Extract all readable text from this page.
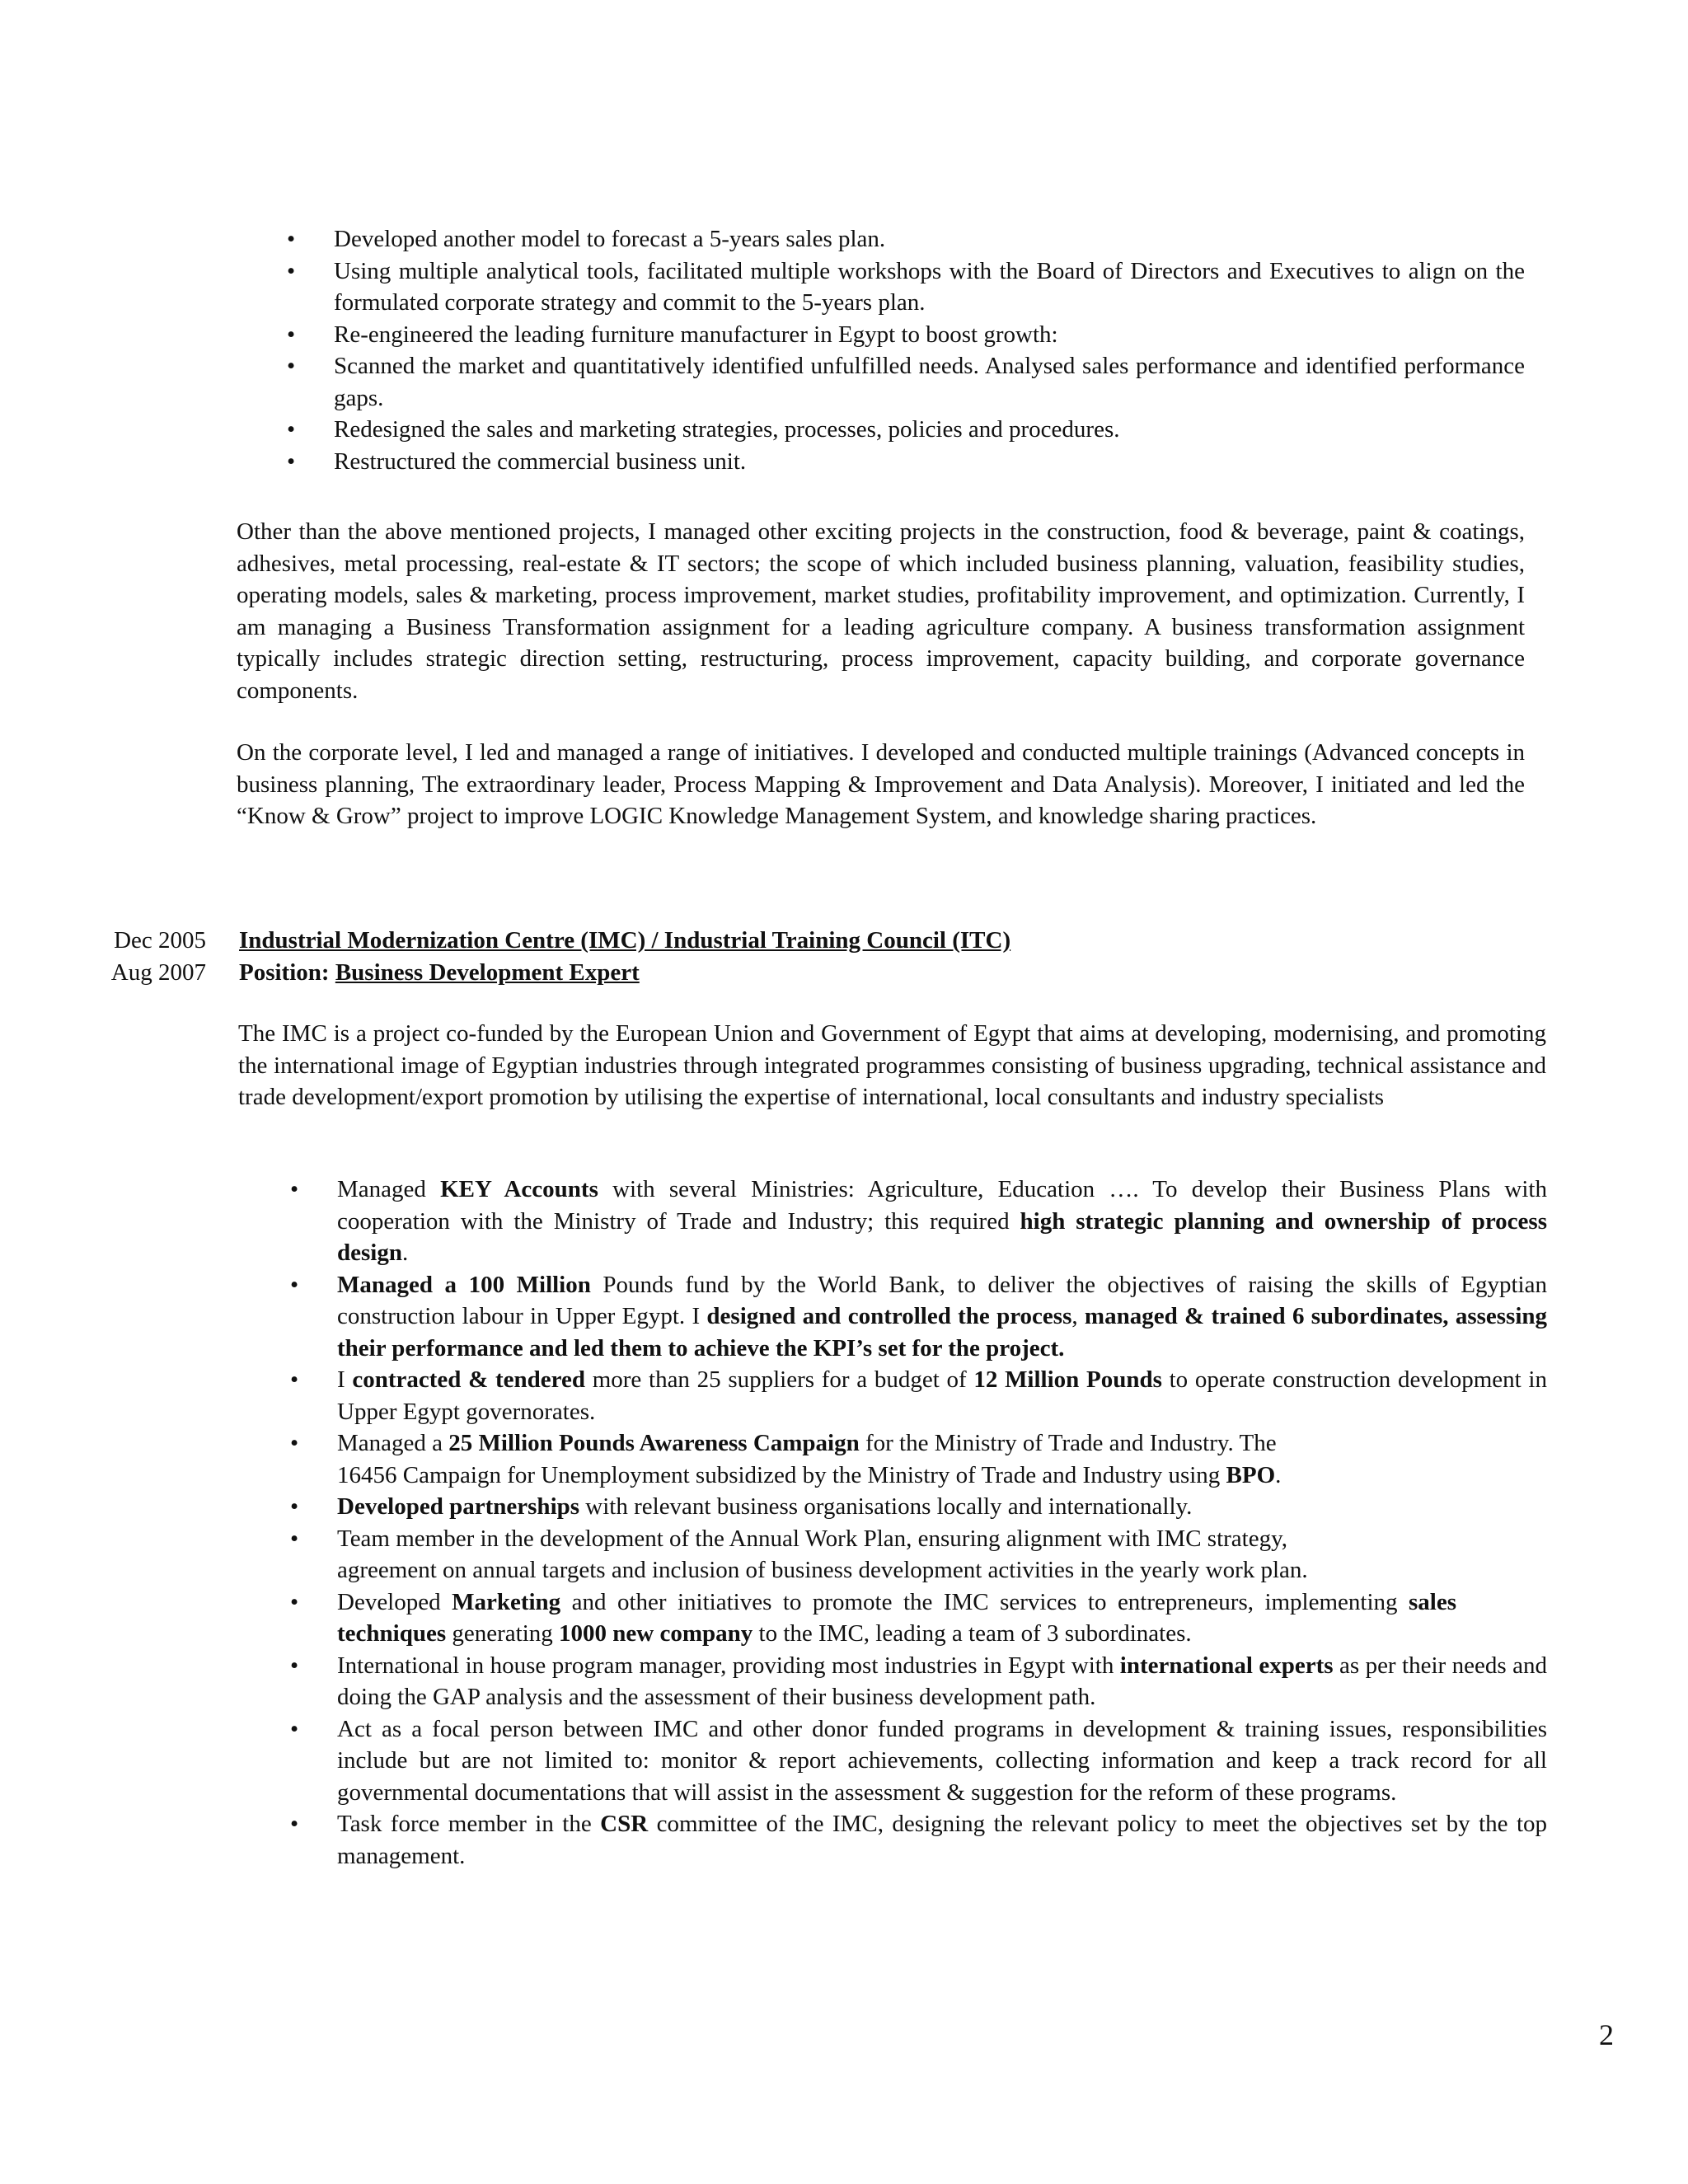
• Developed another model to forecast a 5-years sales plan.
• Using multiple analytical tools, facilitated multiple workshops with the Board of Directors and Executives to align on the formulated corporate strategy and commit to the 5-years plan.
• Re-engineered the leading furniture manufacturer in Egypt to boost growth:
• Scanned the market and quantitatively identified unfulfilled needs. Analysed sales performance and identified performance gaps.
• Redesigned the sales and marketing strategies, processes, policies and procedures.
• Restructured the commercial business unit.

Other than the above mentioned projects, I managed other exciting projects in the construction, food & beverage, paint & coatings, adhesives, metal processing, real-estate & IT sectors; the scope of which included business planning, valuation, feasibility studies, operating models, sales & marketing, process improvement, market studies, profitability improvement, and optimization. Currently, I am managing a Business Transformation assignment for a leading agriculture company. A business transformation assignment typically includes strategic direction setting, restructuring, process improvement, capacity building, and corporate governance components.

On the corporate level, I led and managed a range of initiatives. I developed and conducted multiple trainings (Advanced concepts in business planning, The extraordinary leader, Process Mapping & Improvement and Data Analysis). Moreover, I initiated and led the “Know & Grow” project to improve LOGIC Knowledge Management System, and knowledge sharing practices.

Dec 2005
Aug 2007
Industrial Modernization Centre (IMC) / Industrial Training Council (ITC)
Position: Business Development Expert

The IMC is a project co-funded by the European Union and Government of Egypt that aims at developing, modernising, and promoting the international image of Egyptian industries through integrated programmes consisting of business upgrading, technical assistance and trade development/export promotion by utilising the expertise of international, local consultants and industry specialists

• Managed KEY Accounts with several Ministries: Agriculture, Education …. To develop their Business Plans with cooperation with the Ministry of Trade and Industry; this required high strategic planning and ownership of process design.
• Managed a 100 Million Pounds fund by the World Bank, to deliver the objectives of raising the skills of Egyptian construction labour in Upper Egypt. I designed and controlled the process, managed & trained 6 subordinates, assessing their performance and led them to achieve the KPI’s set for the project.
• I contracted & tendered more than 25 suppliers for a budget of 12 Million Pounds to operate construction development in Upper Egypt governorates.
• Managed a 25 Million Pounds Awareness Campaign for the Ministry of Trade and Industry. The
16456 Campaign for Unemployment subsidized by the Ministry of Trade and Industry using BPO.
• Developed partnerships with relevant business organisations locally and internationally.
• Team member in the development of the Annual Work Plan, ensuring alignment with IMC strategy,
agreement on annual targets and inclusion of business development activities in the yearly work plan.
• Developed Marketing and other initiatives to promote the IMC services to entrepreneurs, implementing sales techniques generating 1000 new company to the IMC, leading a team of 3 subordinates.
• International in house program manager, providing most industries in Egypt with international experts as per their needs and doing the GAP analysis and the assessment of their business development path.
• Act as a focal person between IMC and other donor funded programs in development & training issues, responsibilities include but are not limited to: monitor & report achievements, collecting information and keep a track record for all governmental documentations that will assist in the assessment & suggestion for the reform of these programs.
• Task force member in the CSR committee of the IMC, designing the relevant policy to meet the objectives set by the top management.
2
